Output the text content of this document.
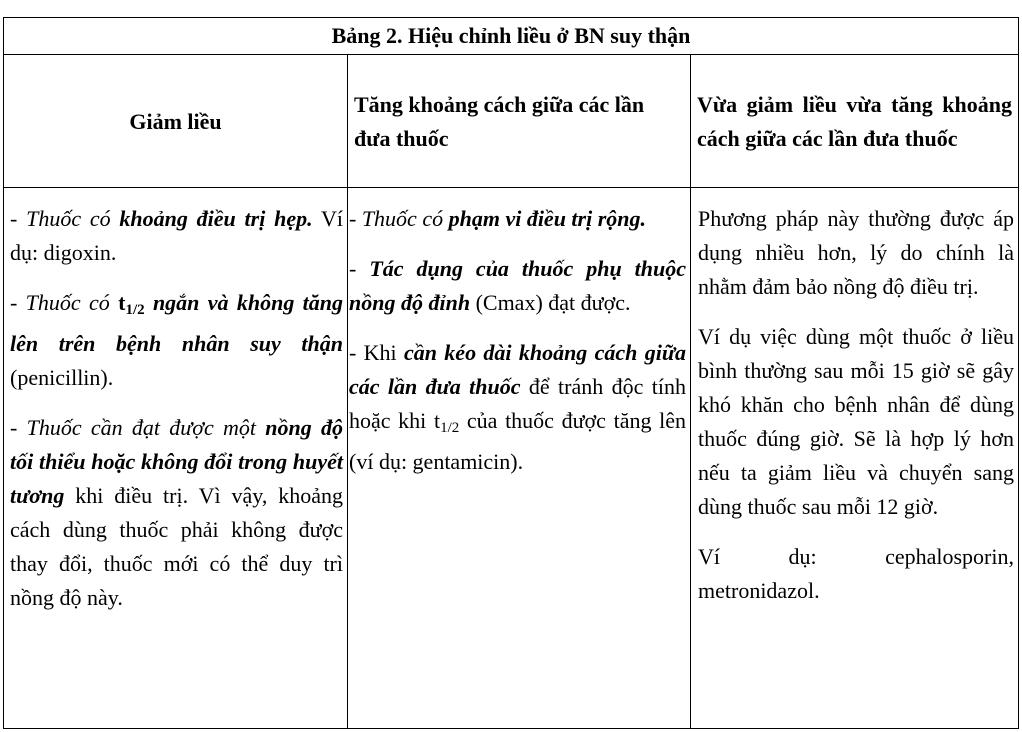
Bảng 2. Hiệu chỉnh liều ở BN suy thận
Giảm liều
Tăng khoảng cách giữa các lần đưa thuốc
Vừa giảm liều vừa tăng khoảng cách giữa các lần đưa thuốc

- Thuốc có khoảng điều trị hẹp. Ví dụ: digoxin.

- Thuốc có $t_{1/2}$ ngắn và không tăng lên trên bệnh nhân suy thận (penicillin).

- Thuốc cần đạt được một nồng độ tối thiểu hoặc không đổi trong huyết tương khi điều trị. Vì vậy, khoảng cách dùng thuốc phải không được thay đổi, thuốc mới có thể duy trì nồng độ này.

- Thuốc có phạm vi điều trị rộng.

- Tác dụng của thuốc phụ thuộc nồng độ đỉnh (Cmax) đạt được.

- Khi cần kéo dài khoảng cách giữa các lần đưa thuốc để tránh độc tính hoặc khi $t_{1/2}$ của thuốc được tăng lên (ví dụ: gentamicin).

Phương pháp này thường được áp dụng nhiều hơn, lý do chính là nhằm đảm bảo nồng độ điều trị.

Ví dụ việc dùng một thuốc ở liều bình thường sau mỗi 15 giờ sẽ gây khó khăn cho bệnh nhân để dùng thuốc đúng giờ. Sẽ là hợp lý hơn nếu ta giảm liều và chuyển sang dùng thuốc sau mỗi 12 giờ.

Ví dụ: cephalosporin, metronidazol.
